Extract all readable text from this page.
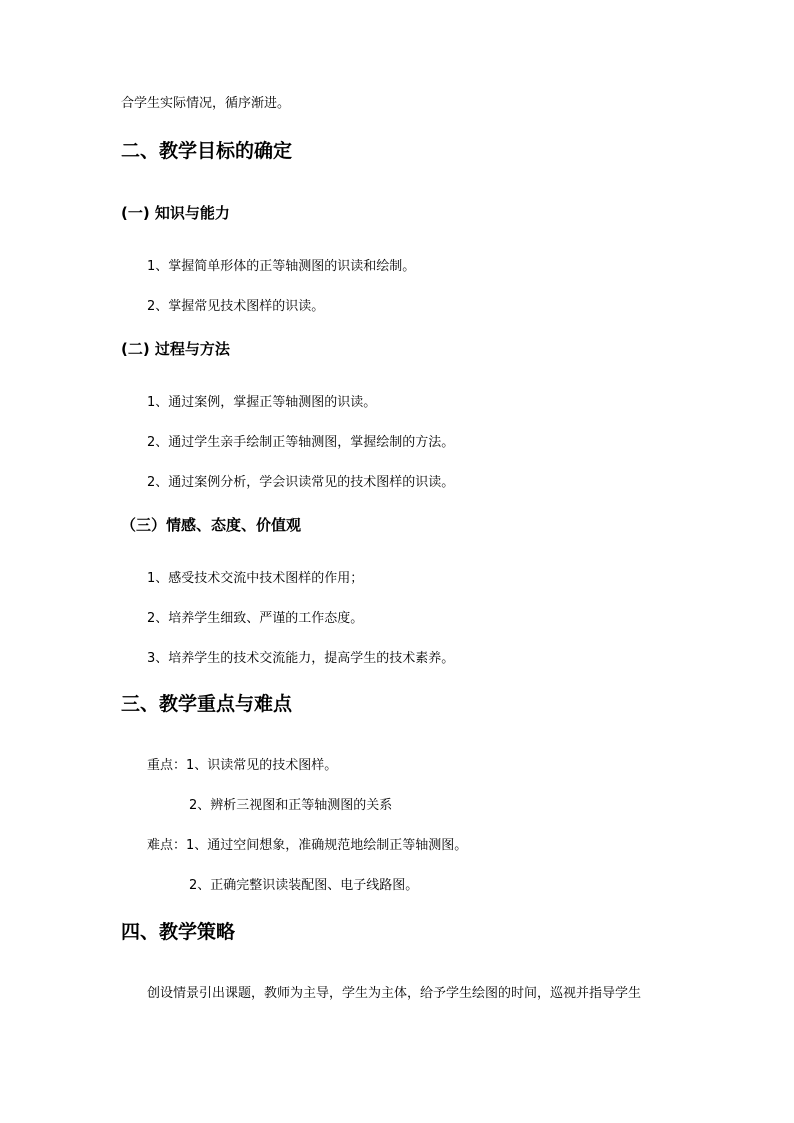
合学生实际情况，循序渐进。
二、教学目标的确定
(一) 知识与能力
1、掌握简单形体的正等轴测图的识读和绘制。
2、掌握常见技术图样的识读。
(二) 过程与方法
1、通过案例，掌握正等轴测图的识读。
2、通过学生亲手绘制正等轴测图，掌握绘制的方法。
2、通过案例分析，学会识读常见的技术图样的识读。
（三）情感、态度、价值观
1、感受技术交流中技术图样的作用；
2、培养学生细致、严谨的工作态度。
3、培养学生的技术交流能力，提高学生的技术素养。
三、教学重点与难点
重点：1、识读常见的技术图样。
2、辨析三视图和正等轴测图的关系
难点：1、通过空间想象，准确规范地绘制正等轴测图。
2、正确完整识读装配图、电子线路图。
四、教学策略
创设情景引出课题，教师为主导，学生为主体，给予学生绘图的时间，巡视并指导学生
